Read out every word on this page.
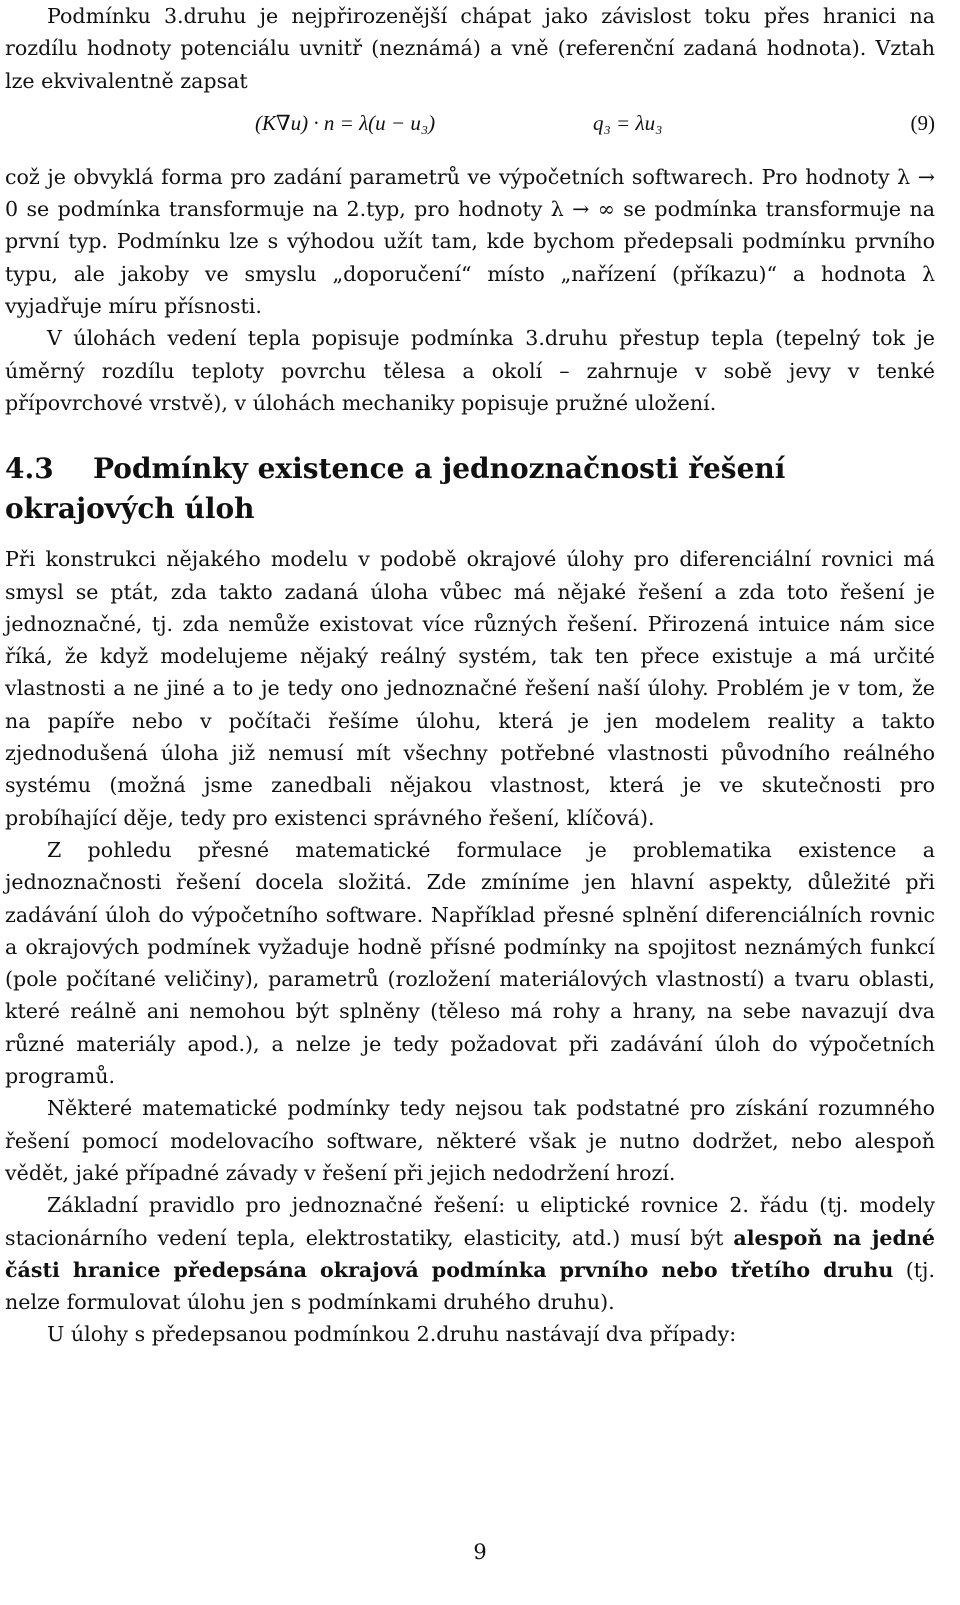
Podmínku 3.druhu je nejpřirozenější chápat jako závislost toku přes hranici na rozdílu hodnoty potenciálu uvnitř (neznámá) a vně (referenční zadaná hodnota). Vztah lze ekvivalentně zapsat

(K∇u) · n = λ(u − u₃)	q₃ = λu₃	(9)

což je obvyklá forma pro zadání parametrů ve výpočetních softwarech. Pro hodnoty λ → 0 se podmínka transformuje na 2.typ, pro hodnoty λ → ∞ se podmínka transformuje na první typ. Podmínku lze s výhodou užít tam, kde bychom předepsali podmínku prvního typu, ale jakoby ve smyslu „doporučení“ místo „nařízení (příkazu)“ a hodnota λ vyjadřuje míru přísnosti.

V úlohách vedení tepla popisuje podmínka 3.druhu přestup tepla (tepelný tok je úměrný rozdílu teploty povrchu tělesa a okolí – zahrnuje v sobě jevy v tenké přípovrchové vrstvě), v úlohách mechaniky popisuje pružné uložení.

4.3 Podmínky existence a jednoznačnosti řešení okrajových úloh

Při konstrukci nějakého modelu v podobě okrajové úlohy pro diferenciální rovnici má smysl se ptát, zda takto zadaná úloha vůbec má nějaké řešení a zda toto řešení je jednoznačné, tj. zda nemůže existovat více různých řešení. Přirozená intuice nám sice říká, že když modelujeme nějaký reálný systém, tak ten přece existuje a má určité vlastnosti a ne jiné a to je tedy ono jednoznačné řešení naší úlohy. Problém je v tom, že na papíře nebo v počítači řešíme úlohu, která je jen modelem reality a takto zjednodušená úloha již nemusí mít všechny potřebné vlastnosti původního reálného systému (možná jsme zanedbali nějakou vlastnost, která je ve skutečnosti pro probíhající děje, tedy pro existenci správného řešení, klíčová).

Z pohledu přesné matematické formulace je problematika existence a jednoznačnosti řešení docela složitá. Zde zmíníme jen hlavní aspekty, důležité při zadávání úloh do výpočetního software. Například přesné splnění diferenciálních rovnic a okrajových podmínek vyžaduje hodně přísné podmínky na spojitost neznámých funkcí (pole počítané veličiny), parametrů (rozložení materiálových vlastností) a tvaru oblasti, které reálně ani nemohou být splněny (těleso má rohy a hrany, na sebe navazují dva různé materiály apod.), a nelze je tedy požadovat při zadávání úloh do výpočetních programů.

Některé matematické podmínky tedy nejsou tak podstatné pro získání rozumného řešení pomocí modelovacího software, některé však je nutno dodržet, nebo alespoň vědět, jaké případné závady v řešení při jejich nedodržení hrozí.

Základní pravidlo pro jednoznačné řešení: u eliptické rovnice 2. řádu (tj. modely stacionárního vedení tepla, elektrostatiky, elasticity, atd.) musí být alespoň na jedné části hranice předepsána okrajová podmínka prvního nebo třetího druhu (tj. nelze formulovat úlohu jen s podmínkami druhého druhu).

U úlohy s předepsanou podmínkou 2.druhu nastávají dva případy:

9
